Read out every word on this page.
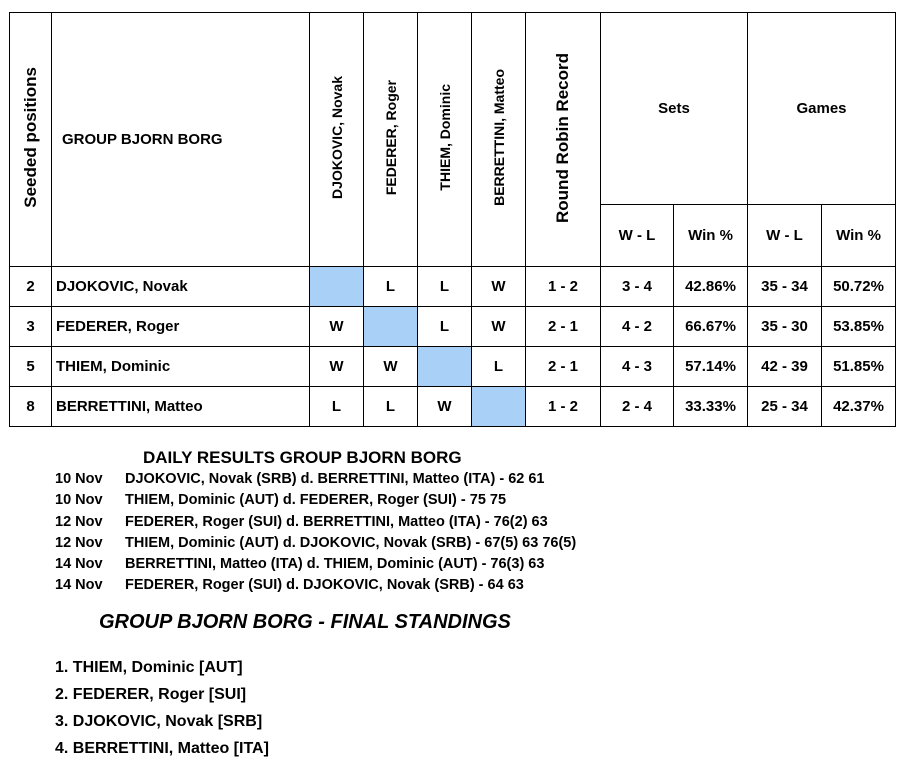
Seeded positions	GROUP BJORN BORG	DJOKOVIC, Novak	FEDERER, Roger	THIEM, Dominic	BERRETTINI, Matteo	Round Robin Record	Sets		Games	
							W - L	Win %	W - L	Win %
2	DJOKOVIC, Novak		L	L	W	1 - 2	3 - 4	42.86%	35 - 34	50.72%
3	FEDERER, Roger	W		L	W	2 - 1	4 - 2	66.67%	35 - 30	53.85%
5	THIEM, Dominic	W	W		L	2 - 1	4 - 3	57.14%	42 - 39	51.85%
8	BERRETTINI, Matteo	L	L	W		1 - 2	2 - 4	33.33%	25 - 34	42.37%
DAILY RESULTS GROUP BJORN BORG
10 Nov DJOKOVIC, Novak (SRB) d. BERRETTINI, Matteo (ITA) - 62 61
10 Nov THIEM, Dominic (AUT) d. FEDERER, Roger (SUI) - 75 75
12 Nov FEDERER, Roger (SUI) d. BERRETTINI, Matteo (ITA) - 76(2) 63
12 Nov THIEM, Dominic (AUT) d. DJOKOVIC, Novak (SRB) - 67(5) 63 76(5)
14 Nov BERRETTINI, Matteo (ITA) d. THIEM, Dominic (AUT) - 76(3) 63
14 Nov FEDERER, Roger (SUI) d. DJOKOVIC, Novak (SRB) - 64 63
GROUP BJORN BORG - FINAL STANDINGS
1. THIEM, Dominic [AUT]
2. FEDERER, Roger [SUI]
3. DJOKOVIC, Novak [SRB]
4. BERRETTINI, Matteo [ITA]
